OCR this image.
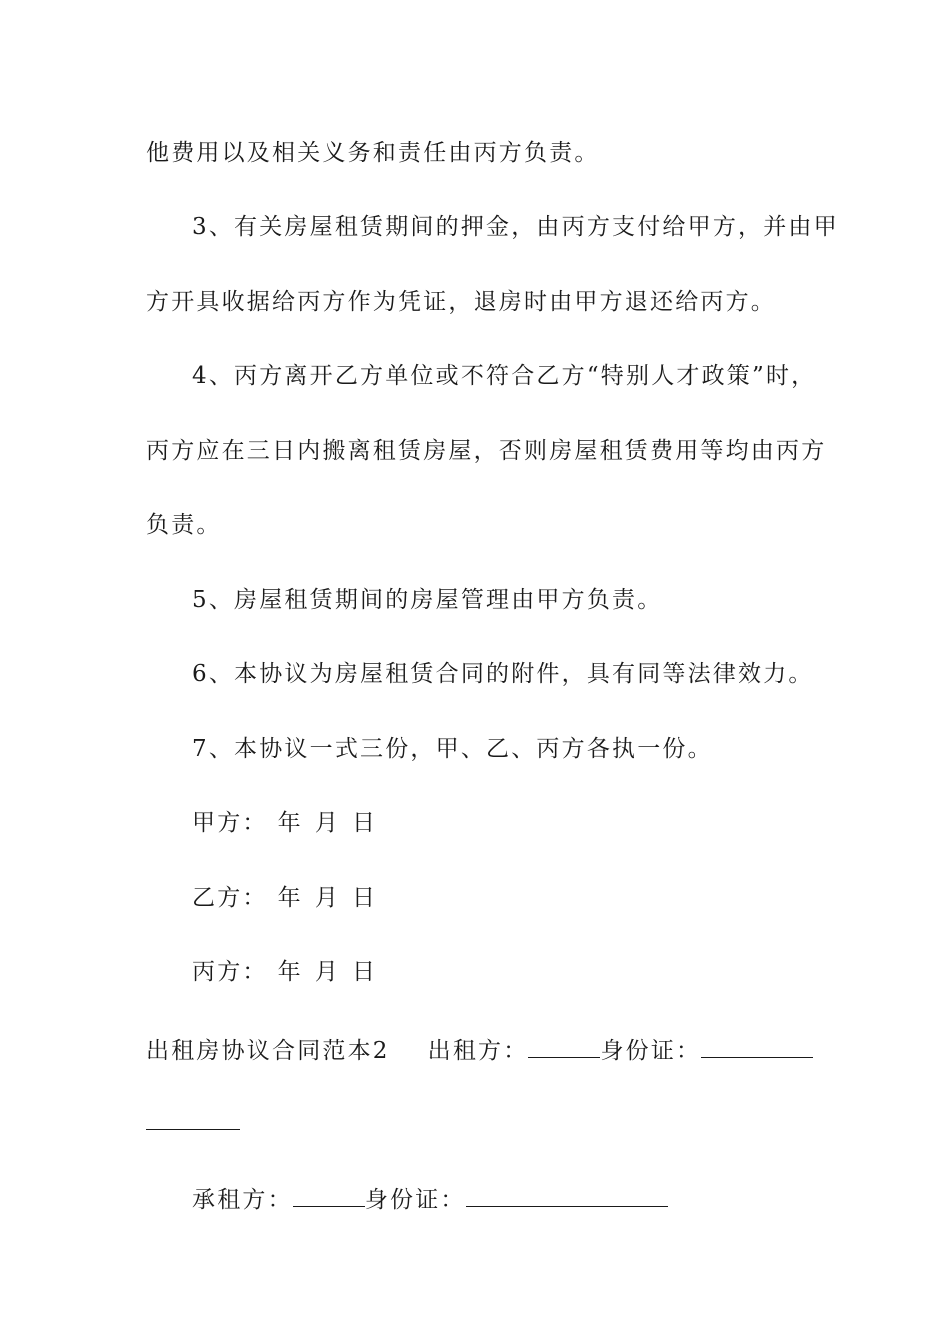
他费用以及相关义务和责任由丙方负责。
3、有关房屋租赁期间的押金，由丙方支付给甲方，并由甲
方开具收据给丙方作为凭证，退房时由甲方退还给丙方。
4、丙方离开乙方单位或不符合乙方“特别人才政策”时，
丙方应在三日内搬离租赁房屋，否则房屋租赁费用等均由丙方
负责。
5、房屋租赁期间的房屋管理由甲方负责。
6、本协议为房屋租赁合同的附件，具有同等法律效力。
7、本协议一式三份，甲、乙、丙方各执一份。
甲方： 年 月 日
乙方： 年 月 日
丙方： 年 月 日
出租房协议合同范本2 出租方：	身份证：
承租方：	身份证：
